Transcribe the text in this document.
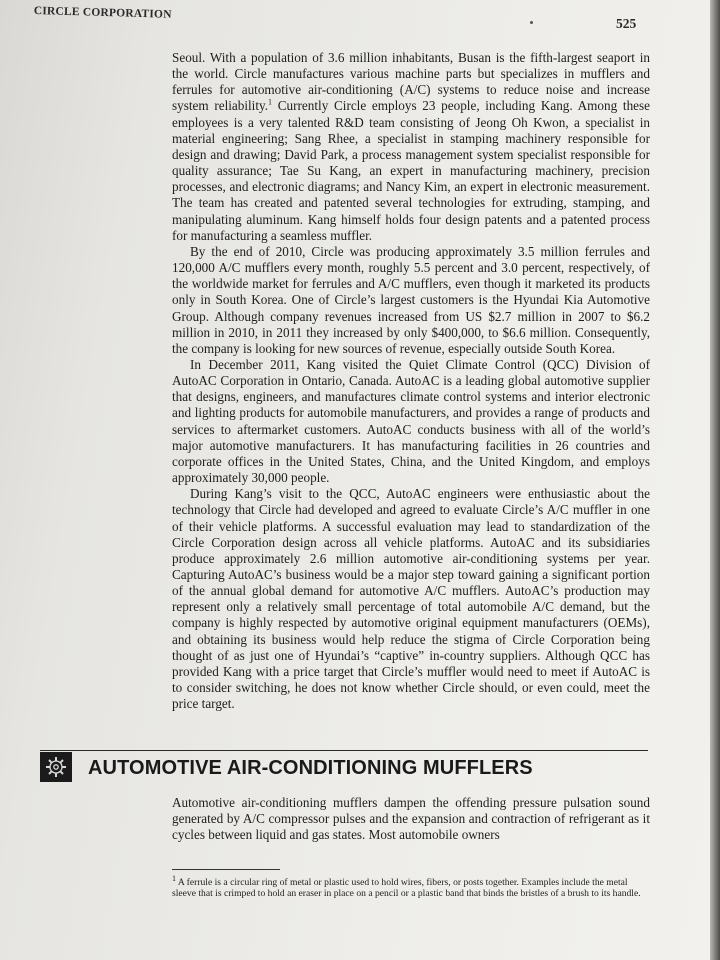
CIRCLE CORPORATION
525

Seoul. With a population of 3.6 million inhabitants, Busan is the fifth-largest seaport in the world. Circle manufactures various machine parts but specializes in mufflers and ferrules for automotive air-conditioning (A/C) systems to reduce noise and increase system reliability.$^1$ Currently Circle employs 23 people, including Kang. Among these employees is a very talented R&D team consisting of Jeong Oh Kwon, a specialist in material engineering; Sang Rhee, a specialist in stamping machinery responsible for design and drawing; David Park, a process management system specialist responsible for quality assurance; Tae Su Kang, an expert in manufacturing machinery, precision processes, and electronic diagrams; and Nancy Kim, an expert in electronic measurement. The team has created and patented several technologies for extruding, stamping, and manipulating aluminum. Kang himself holds four design patents and a patented process for manufacturing a seamless muffler.

By the end of 2010, Circle was producing approximately 3.5 million ferrules and 120,000 A/C mufflers every month, roughly 5.5 percent and 3.0 percent, respectively, of the worldwide market for ferrules and A/C mufflers, even though it marketed its products only in South Korea. One of Circle’s largest customers is the Hyundai Kia Automotive Group. Although company revenues increased from US $2.7 million in 2007 to $6.2 million in 2010, in 2011 they increased by only $400,000, to $6.6 million. Consequently, the company is looking for new sources of revenue, especially outside South Korea.

In December 2011, Kang visited the Quiet Climate Control (QCC) Division of AutoAC Corporation in Ontario, Canada. AutoAC is a leading global automotive supplier that designs, engineers, and manufactures climate control systems and interior electronic and lighting products for automobile manufacturers, and provides a range of products and services to aftermarket customers. AutoAC conducts business with all of the world’s major automotive manufacturers. It has manufacturing facilities in 26 countries and corporate offices in the United States, China, and the United Kingdom, and employs approximately 30,000 people.

During Kang’s visit to the QCC, AutoAC engineers were enthusiastic about the technology that Circle had developed and agreed to evaluate Circle’s A/C muffler in one of their vehicle platforms. A successful evaluation may lead to standardization of the Circle Corporation design across all vehicle platforms. AutoAC and its subsidiaries produce approximately 2.6 million automotive air-conditioning systems per year. Capturing AutoAC’s business would be a major step toward gaining a significant portion of the annual global demand for automotive A/C mufflers. AutoAC’s production may represent only a relatively small percentage of total automobile A/C demand, but the company is highly respected by automotive original equipment manufacturers (OEMs), and obtaining its business would help reduce the stigma of Circle Corporation being thought of as just one of Hyundai’s “captive” in-country suppliers. Although QCC has provided Kang with a price target that Circle’s muffler would need to meet if AutoAC is to consider switching, he does not know whether Circle should, or even could, meet the price target.

AUTOMOTIVE AIR-CONDITIONING MUFFLERS

Automotive air-conditioning mufflers dampen the offending pressure pulsation sound generated by A/C compressor pulses and the expansion and contraction of refrigerant as it cycles between liquid and gas states. Most automobile owners

$^1$ A ferrule is a circular ring of metal or plastic used to hold wires, fibers, or posts together. Examples include the metal sleeve that is crimped to hold an eraser in place on a pencil or a plastic band that binds the bristles of a brush to its handle.
